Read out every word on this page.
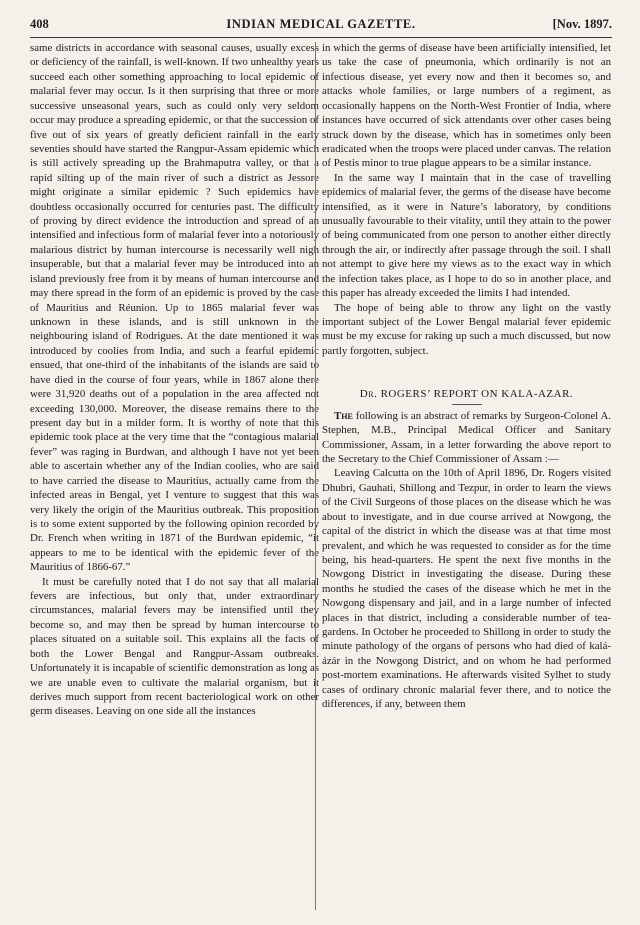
408	INDIAN MEDICAL GAZETTE.	[Nov. 1897.

same districts in accordance with seasonal causes, usually excess or deficiency of the rainfall, is well-known. If two unhealthy years succeed each other something approaching to local epidemic of malarial fever may occur. Is it then surprising that three or more successive unseasonal years, such as could only very seldom occur may produce a spreading epidemic, or that the succession of five out of six years of greatly deficient rainfall in the early seventies should have started the Rangpur-Assam epidemic which is still actively spreading up the Brahmaputra valley, or that a rapid silting up of the main river of such a district as Jessore might originate a similar epidemic ? Such epidemics have doubtless occasionally occurred for centuries past. The difficulty of proving by direct evidence the introduction and spread of an intensified and infectious form of malarial fever into a notoriously malarious district by human intercourse is necessarily well nigh insuperable, but that a malarial fever may be introduced into an island previously free from it by means of human intercourse and may there spread in the form of an epidemic is proved by the case of Mauritius and Réunion. Up to 1865 malarial fever was unknown in these islands, and is still unknown in the neighbouring island of Rodrigues. At the date mentioned it was introduced by coolies from India, and such a fearful epidemic ensued, that one-third of the inhabitants of the islands are said to have died in the course of four years, while in 1867 alone there were 31,920 deaths out of a population in the area affected not exceeding 130,000. Moreover, the disease remains there to the present day but in a milder form. It is worthy of note that this epidemic took place at the very time that the “contagious malarial fever” was raging in Burdwan, and although I have not yet been able to ascertain whether any of the Indian coolies, who are said to have carried the disease to Mauritius, actually came from the infected areas in Bengal, yet I venture to suggest that this was very likely the origin of the Mauritius outbreak. This proposition is to some extent supported by the following opinion recorded by Dr. French when writing in 1871 of the Burdwan epidemic, “it appears to me to be identical with the epidemic fever of the Mauritius of 1866-67.”

It must be carefully noted that I do not say that all malarial fevers are infectious, but only that, under extraordinary circumstances, malarial fevers may be intensified until they become so, and may then be spread by human intercourse to places situated on a suitable soil. This explains all the facts of both the Lower Bengal and Rangpur-Assam outbreaks. Unfortunately it is incapable of scientific demonstration as long as we are unable even to cultivate the malarial organism, but it derives much support from recent bacteriological work on other germ diseases. Leaving on one side all the instances

in which the germs of disease have been artificially intensified, let us take the case of pneumonia, which ordinarily is not an infectious disease, yet every now and then it becomes so, and attacks whole families, or large numbers of a regiment, as occasionally happens on the North-West Frontier of India, where instances have occurred of sick attendants over other cases being struck down by the disease, which has in sometimes only been eradicated when the troops were placed under canvas. The relation of Pestis minor to true plague appears to be a similar instance.

In the same way I maintain that in the case of travelling epidemics of malarial fever, the germs of the disease have become intensified, as it were in Nature’s laboratory, by conditions unusually favourable to their vitality, until they attain to the power of being communicated from one person to another either directly through the air, or indirectly after passage through the soil. I shall not attempt to give here my views as to the exact way in which the infection takes place, as I hope to do so in another place, and this paper has already exceeded the limits I had intended.

The hope of being able to throw any light on the vastly important subject of the Lower Bengal malarial fever epidemic must be my excuse for raking up such a much discussed, but now partly forgotten, subject.

Dr. ROGERS’ REPORT ON KALA-AZAR.

The following is an abstract of remarks by Surgeon-Colonel A. Stephen, M.B., Principal Medical Officer and Sanitary Commissioner, Assam, in a letter forwarding the above report to the Secretary to the Chief Commissioner of Assam :—

Leaving Calcutta on the 10th of April 1896, Dr. Rogers visited Dhubri, Gauhati, Shillong and Tezpur, in order to learn the views of the Civil Surgeons of those places on the disease which he was about to investigate, and in due course arrived at Nowgong, the capital of the district in which the disease was at that time most prevalent, and which he was requested to consider as for the time being, his head-quarters. He spent the next five months in the Nowgong District in investigating the disease. During these months he studied the cases of the disease which he met in the Nowgong dispensary and jail, and in a large number of infected places in that district, including a considerable number of tea-gardens. In October he proceeded to Shillong in order to study the minute pathology of the organs of persons who had died of kalá-ázár in the Nowgong District, and on whom he had performed post-mortem examinations. He afterwards visited Sylhet to study cases of ordinary chronic malarial fever there, and to notice the differences, if any, between them
